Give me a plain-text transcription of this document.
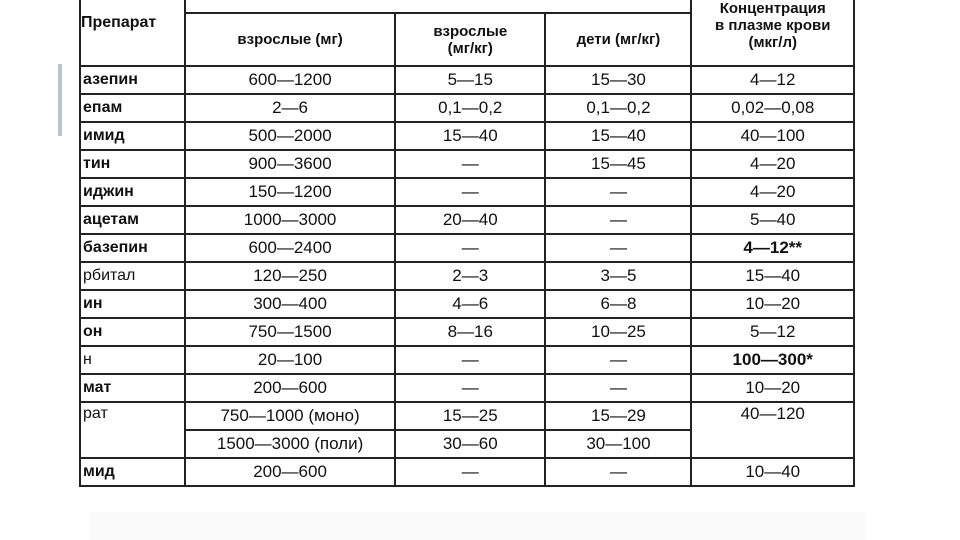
Препарат				Концентрация
в плазме крови
(мкг/л)

	взрослые (мг)	взрослые (мг/кг)	дети (мг/кг)	
азепин	600—1200	5—15	15—30	4—12
епам	2—6	0,1—0,2	0,1—0,2	0,02—0,08
имид	500—2000	15—40	15—40	40—100
тин	900—3600	—	15—45	4—20
иджин	150—1200	—	—	4—20
ацетам	1000—3000	20—40	—	5—40
базепин	600—2400	—	—	4—12**
рбитал	120—250	2—3	3—5	15—40
ин	300—400	4—6	6—8	10—20
он	750—1500	8—16	10—25	5—12
н	20—100	—	—	100—300*
мат	200—600	—	—	10—20
рат	750—1000 (моно)	15—25	15—29	40—120
	1500—3000 (поли)	30—60	30—100	
мид	200—600	—	—	10—40
